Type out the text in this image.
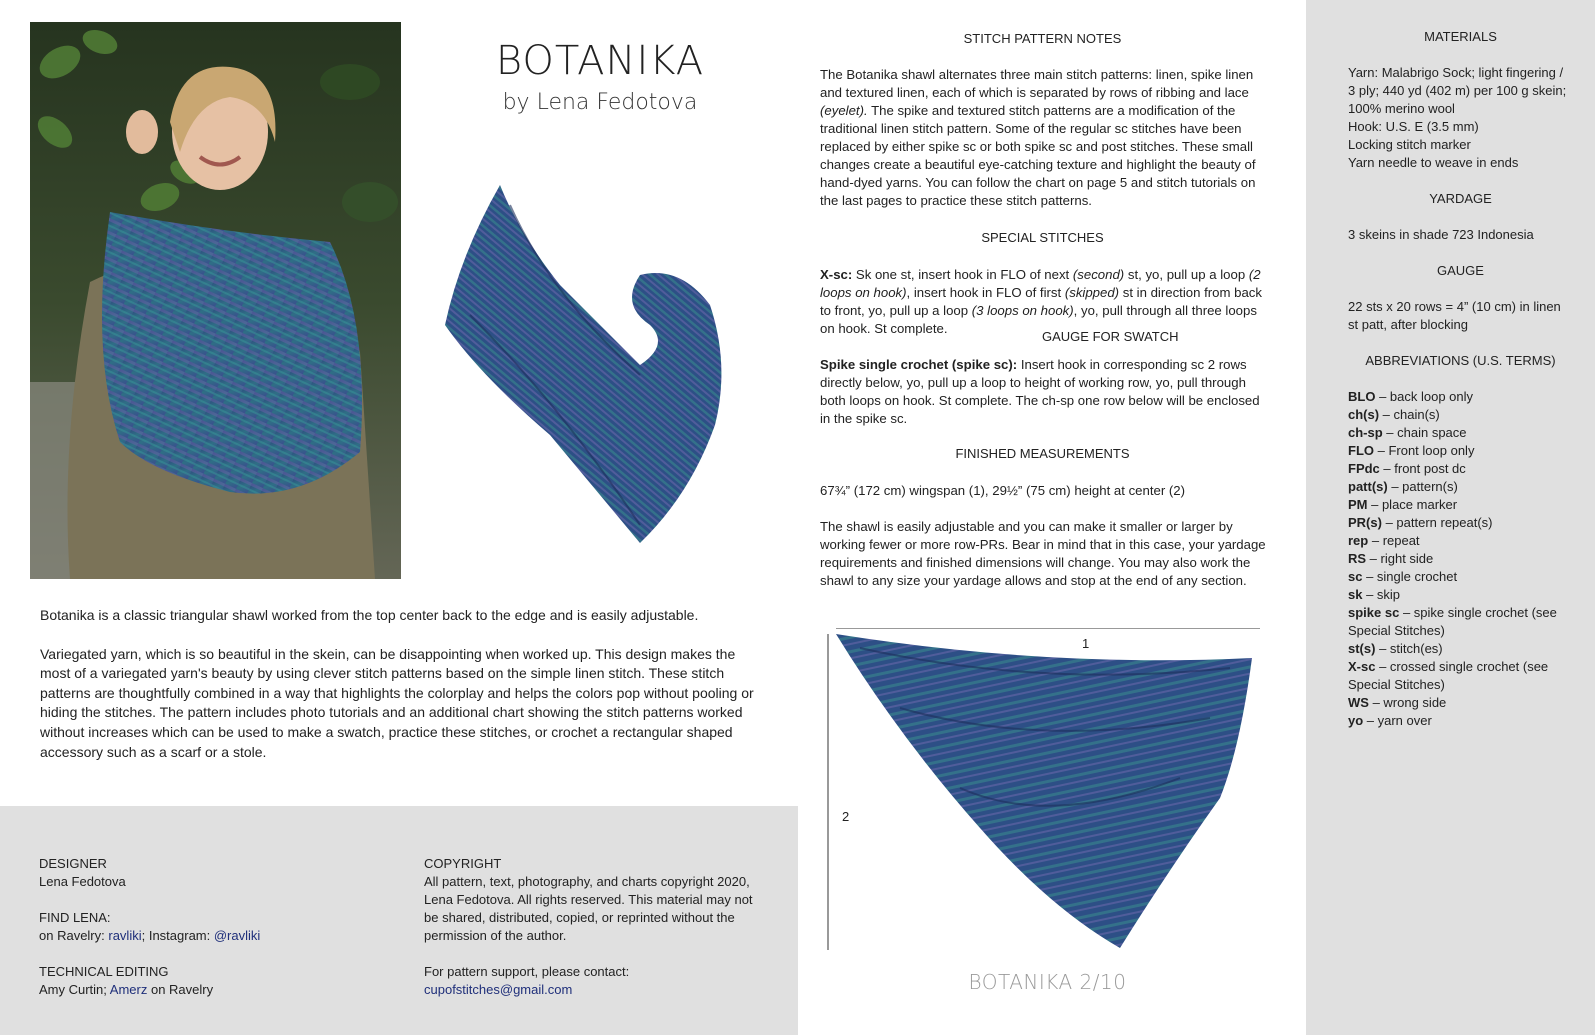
BOTANIKA
by Lena Fedotova

Botanika is a classic triangular shawl worked from the top center back to the edge and is easily adjustable.

Variegated yarn, which is so beautiful in the skein, can be disappointing when worked up. This design makes the most of a variegated yarn's beauty by using clever stitch patterns based on the simple linen stitch. These stitch patterns are thoughtfully combined in a way that highlights the colorplay and helps the colors pop without pooling or hiding the stitches. The pattern includes photo tutorials and an additional chart showing the stitch patterns worked without increases which can be used to make a swatch, practice these stitches, or crochet a rectangular shaped accessory such as a scarf or a stole.

DESIGNER
Lena Fedotova
FIND LENA:
on Ravelry: ravliki; Instagram: @ravliki
TECHNICAL EDITING
Amy Curtin; Amerz on Ravelry
COPYRIGHT
All pattern, text, photography, and charts copyright 2020, Lena Fedotova. All rights reserved. This material may not be shared, distributed, copied, or reprinted without the permission of the author.
For pattern support, please contact:
cupofstitches@gmail.com
STITCH PATTERN NOTES
The Botanika shawl alternates three main stitch patterns: linen, spike linen and textured linen, each of which is separated by rows of ribbing and lace (eyelet). The spike and textured stitch patterns are a modification of the traditional linen stitch pattern. Some of the regular sc stitches have been replaced by either spike sc or both spike sc and post stitches. These small changes create a beautiful eye-catching texture and highlight the beauty of hand-dyed yarns. You can follow the chart on page 5 and stitch tutorials on the last pages to practice these stitch patterns.
SPECIAL STITCHES
X-sc: Sk one st, insert hook in FLO of next (second) st, yo, pull up a loop (2 loops on hook), insert hook in FLO of first (skipped) st in direction from back to front, yo, pull up a loop (3 loops on hook), yo, pull through all three loops on hook. St complete.
GAUGE FOR SWATCH
Spike single crochet (spike sc): Insert hook in corresponding sc 2 rows directly below, yo, pull up a loop to height of working row, yo, pull through both loops on hook. St complete. The ch-sp one row below will be enclosed in the spike sc.
FINISHED MEASUREMENTS
67¾” (172 cm) wingspan (1), 29½” (75 cm) height at center (2)
The shawl is easily adjustable and you can make it smaller or larger by working fewer or more row-PRs. Bear in mind that in this case, your yardage requirements and finished dimensions will change. You may also work the shawl to any size your yardage allows and stop at the end of any section.
1
2
BOTANIKA 2/10
MATERIALS
Yarn: Malabrigo Sock; light fingering / 3 ply; 440 yd (402 m) per 100 g skein; 100% merino wool
Hook: U.S. E (3.5 mm)
Locking stitch marker
Yarn needle to weave in ends
YARDAGE
3 skeins in shade 723 Indonesia
GAUGE
22 sts x 20 rows = 4” (10 cm) in linen st patt, after blocking
ABBREVIATIONS (U.S. TERMS)
BLO – back loop only
ch(s) – chain(s)
ch-sp – chain space
FLO – Front loop only
FPdc – front post dc
patt(s) – pattern(s)
PM – place marker
PR(s) – pattern repeat(s)
rep – repeat
RS – right side
sc – single crochet
sk – skip
spike sc – spike single crochet (see Special Stitches)
st(s) – stitch(es)
X-sc – crossed single crochet (see Special Stitches)
WS – wrong side
yo – yarn over
